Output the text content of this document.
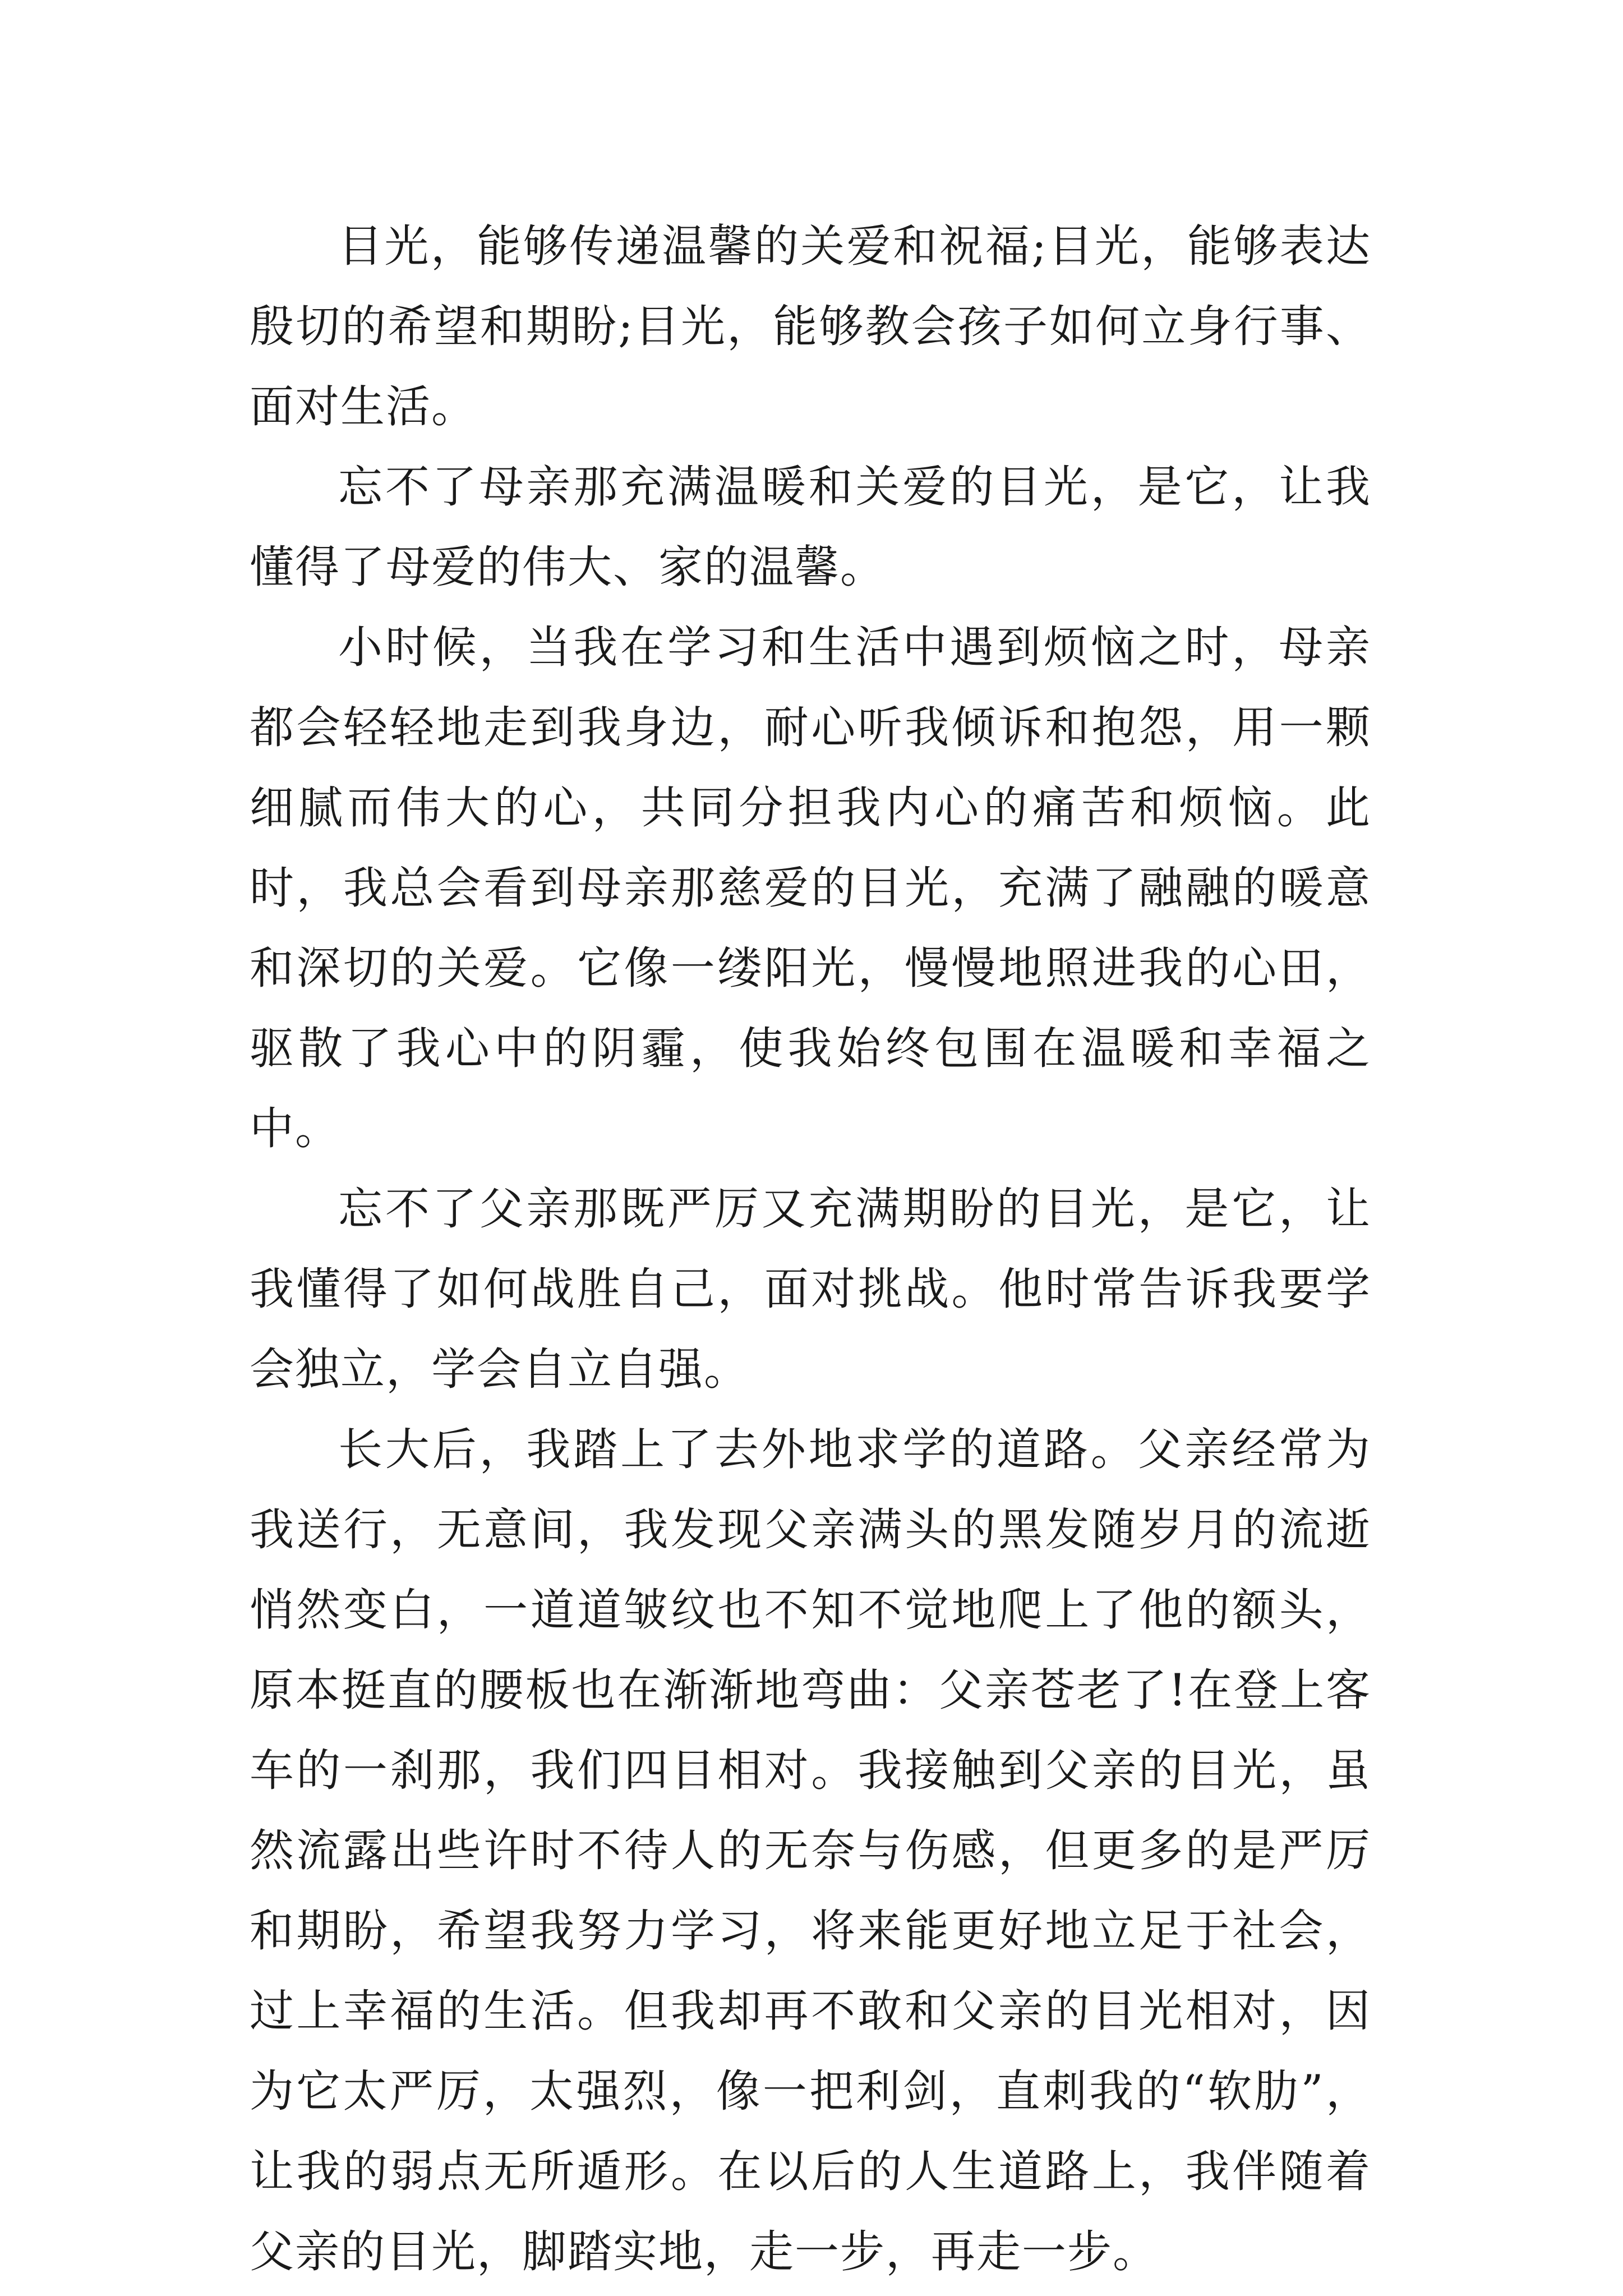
目光，能够传递温馨的关爱和祝福;目光，能够表达殷切的希望和期盼;目光，能够教会孩子如何立身行事、面对生活。

忘不了母亲那充满温暖和关爱的目光，是它，让我懂得了母爱的伟大、家的温馨。

小时候，当我在学习和生活中遇到烦恼之时，母亲都会轻轻地走到我身边，耐心听我倾诉和抱怨，用一颗细腻而伟大的心，共同分担我内心的痛苦和烦恼。此时，我总会看到母亲那慈爱的目光，充满了融融的暖意和深切的关爱。它像一缕阳光，慢慢地照进我的心田，驱散了我心中的阴霾，使我始终包围在温暖和幸福之中。

忘不了父亲那既严厉又充满期盼的目光，是它，让我懂得了如何战胜自己，面对挑战。他时常告诉我要学会独立，学会自立自强。

长大后，我踏上了去外地求学的道路。父亲经常为我送行，无意间，我发现父亲满头的黑发随岁月的流逝悄然变白，一道道皱纹也不知不觉地爬上了他的额头，原本挺直的腰板也在渐渐地弯曲：父亲苍老了!在登上客车的一刹那，我们四目相对。我接触到父亲的目光，虽然流露出些许时不待人的无奈与伤感，但更多的是严厉和期盼，希望我努力学习，将来能更好地立足于社会，过上幸福的生活。但我却再不敢和父亲的目光相对，因为它太严厉，太强烈，像一把利剑，直刺我的“软肋”，让我的弱点无所遁形。在以后的人生道路上，我伴随着父亲的目光，脚踏实地，走一步，再走一步。
